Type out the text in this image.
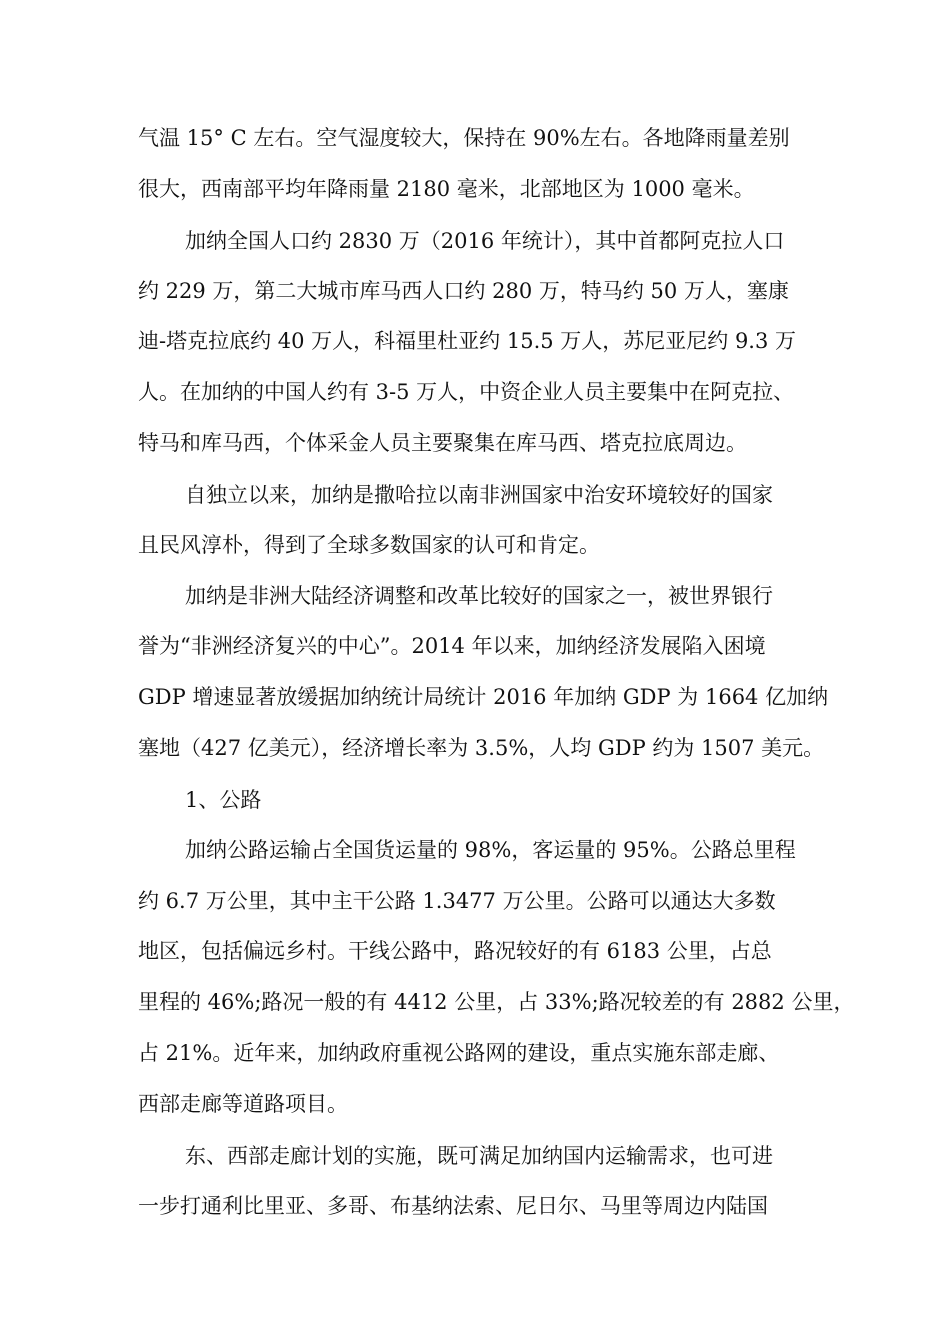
气温 15° C 左右。空气湿度较大，保持在 90%左右。各地降雨量差别
很大，西南部平均年降雨量 2180 毫米，北部地区为 1000 毫米。
加纳全国人口约 2830 万（2016 年统计），其中首都阿克拉人口
约 229 万，第二大城市库马西人口约 280 万，特马约 50 万人，塞康
迪-塔克拉底约 40 万人，科福里杜亚约 15.5 万人，苏尼亚尼约 9.3 万
人。在加纳的中国人约有 3-5 万人，中资企业人员主要集中在阿克拉、
特马和库马西，个体采金人员主要聚集在库马西、塔克拉底周边。
自独立以来，加纳是撒哈拉以南非洲国家中治安环境较好的国家
且民风淳朴，得到了全球多数国家的认可和肯定。
加纳是非洲大陆经济调整和改革比较好的国家之一，被世界银行
誉为“非洲经济复兴的中心”。2014 年以来，加纳经济发展陷入困境
GDP 增速显著放缓据加纳统计局统计 2016 年加纳 GDP 为 1664 亿加纳
塞地（427 亿美元），经济增长率为 3.5%，人均 GDP 约为 1507 美元。
1、公路
加纳公路运输占全国货运量的 98%，客运量的 95%。公路总里程
约 6.7 万公里，其中主干公路 1.3477 万公里。公路可以通达大多数
地区，包括偏远乡村。干线公路中，路况较好的有 6183 公里，占总
里程的 46%;路况一般的有 4412 公里，占 33%;路况较差的有 2882 公里，
占 21%。近年来，加纳政府重视公路网的建设，重点实施东部走廊、
西部走廊等道路项目。
东、西部走廊计划的实施，既可满足加纳国内运输需求，也可进
一步打通利比里亚、多哥、布基纳法索、尼日尔、马里等周边内陆国
